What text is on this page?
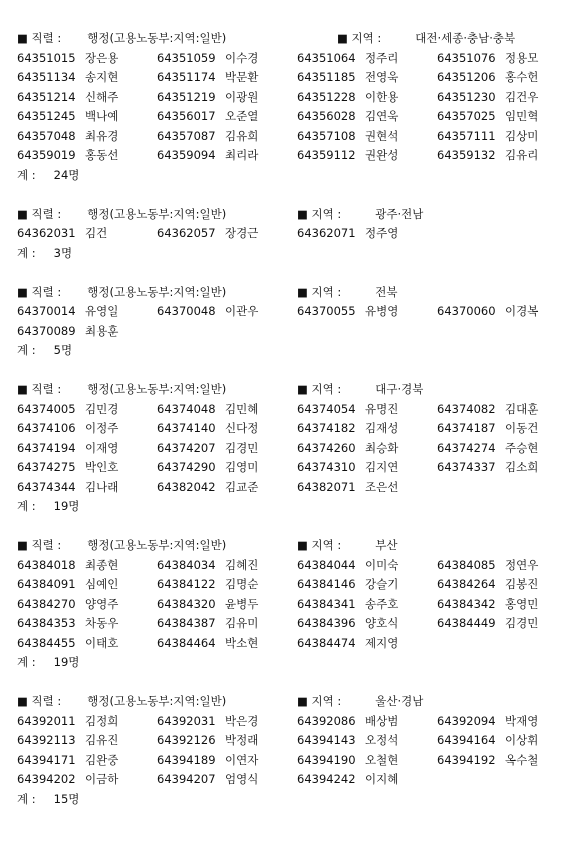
■ 직렬 : 행정(고용노동부:지역:일반)	■ 지역 :	대전·세종·충남·충북
64351015 장은용	64351059 이수경	64351064 정주리	64351076 정용모
64351134 송지현	64351174 박문환	64351185 전영욱	64351206 홍수헌
64351214 신해주	64351219 이광원	64351228 이한용	64351230 김건우
64351245 백나예	64356017 오준열	64356028 김연욱	64357025 임민혁
64357048 최유경	64357087 김유희	64357108 권현석	64357111 김상미
64359019 홍동선	64359094 최리라	64359112 권완성	64359132 김유리
계 : 24명
■ 직렬 : 행정(고용노동부:지역:일반)	■ 지역 :	광주·전남
64362031 김건	64362057 장경근	64362071 정주영
계 : 3명
■ 직렬 : 행정(고용노동부:지역:일반)	■ 지역 :	전북
64370014 유영일	64370048 이관우	64370055 유병영	64370060 이경복
64370089 최용훈
계 : 5명
■ 직렬 : 행정(고용노동부:지역:일반)	■ 지역 :	대구·경북
64374005 김민경	64374048 김민혜	64374054 유명진	64374082 김대훈
64374106 이정주	64374140 신다정	64374182 김재성	64374187 이동건
64374194 이재영	64374207 김경민	64374260 최승화	64374274 주승현
64374275 박인호	64374290 김영미	64374310 김지연	64374337 김소희
64374344 김나래	64382042 김교준	64382071 조은선
계 : 19명
■ 직렬 : 행정(고용노동부:지역:일반)	■ 지역 :	부산
64384018 최종현	64384034 김혜진	64384044 이미숙	64384085 정연우
64384091 심예인	64384122 김명순	64384146 강슬기	64384264 김봉진
64384270 양영주	64384320 윤병두	64384341 송주호	64384342 홍영민
64384353 차동우	64384387 김유미	64384396 양호식	64384449 김경민
64384455 이태호	64384464 박소현	64384474 제지영
계 : 19명
■ 직렬 : 행정(고용노동부:지역:일반)	■ 지역 :	울산·경남
64392011 김정희	64392031 박은경	64392086 배상범	64392094 박재영
64392113 김유진	64392126 박정래	64394143 오정석	64394164 이상휘
64394171 김완중	64394189 이연자	64394190 오철현	64394192 옥수철
64394202 이금하	64394207 엄영식	64394242 이지혜
계 : 15명
